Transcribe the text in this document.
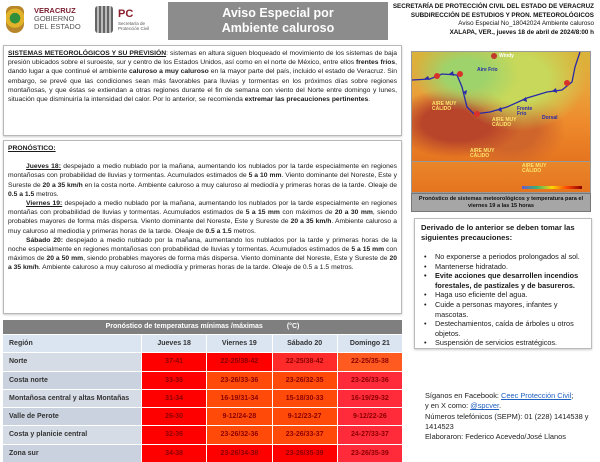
VERACRUZ
GOBIERNO
DEL ESTADO
PC
Secretaría de Protección Civil
Aviso Especial por
Ambiente caluroso
SECRETARÍA DE PROTECCIÓN CIVIL DEL ESTADO DE VERACRUZ
SUBDIRECCIÓN DE ESTUDIOS Y PRON. METEOROLÓGICOS
Aviso Especial No_18042024 Ambiente caluroso
XALAPA, VER., jueves 18 de abril de 2024/8:00 h
SISTEMAS METEOROLÓGICOS Y SU PREVISIÓN: sistemas en altura siguen bloqueado el movimiento de los sistemas de baja presión ubicados sobre el suroeste, sur y centro de los Estados Unidos, así como en el norte de México, entre ellos frentes fríos, dando lugar a que continué el ambiente caluroso a muy caluroso en la mayor parte del país, incluido el estado de Veracruz. Sin embargo, se prevé que las condiciones sean más favorables para lluvias y tormentas en los próximos días sobre regiones montañosas, y que éstas se extiendan a otras regiones durante el fin de semana con viento del Norte entre domingo y lunes, situación que disminuiría la intensidad del calor. Por lo anterior, se recomienda extremar las precauciones pertinentes.
PRONÓSTICO:

Jueves 18: despejado a medio nublado por la mañana, aumentando los nublados por la tarde especialmente en regiones montañosas con probabilidad de lluvias y tormentas. Acumulados estimados de 5 a 10 mm. Viento dominante del Noreste, Este y Sureste de 20 a 35 km/h en la costa norte. Ambiente caluroso a muy caluroso al mediodía y primeras horas de la tarde. Oleaje de 0.5 a 1.5 metros.

Viernes 19: despejado a medio nublado por la mañana, aumentando los nublados por la tarde especialmente en regiones montañas con probabilidad de lluvias y tormentas. Acumulados estimados de 5 a 15 mm con máximos de 20 a 30 mm, siendo probables mayores de forma más dispersa. Viento dominante del Noreste, Este y Sureste de 20 a 35 km/h. Ambiente caluroso a muy caluroso al mediodía y primeras horas de la tarde. Oleaje de 0.5 a 1.5 metros.

Sábado 20: despejado a medio nublado por la mañana, aumentando los nublados por la tarde y primeras horas de la noche especialmente en regiones montañosas con probabilidad de lluvias y tormentas. Acumulados estimados de 5 a 15 mm con máximos de 20 a 50 mm, siendo probables mayores de forma más dispersa. Viento dominante del Noreste, Este y Sureste de 20 a 35 km/h. Ambiente caluroso a muy caluroso al mediodía y primeras horas de la tarde. Oleaje de 0.5 a 1.5 metros.

Pronóstico de temperaturas mínimas /máximas	(°C)
Región	Jueves 18	Viernes 19	Sábado 20	Domingo 21
Norte	37-41	22-25/38-42	22-25/38-42	22-25/35-38
Costa norte	33-36	23-26/33-36	23-26/32-35	23-26/33-36
Montañosa central y altas Montañas	31-34	16-19/31-34	15-18/30-33	16-19/29-32
Valle de Perote	26-30	9-12/24-28	9-12/23-27	9-12/22-26
Costa y planicie central	32-36	23-26/32-36	23-26/33-37	24-27/33-37
Zona sur	34-38	23-26/34-38	23-26/35-39	23-26/35-39
Windy
Aire Frío
AIRE MUY CÁLIDO
AIRE MUY CÁLIDO
AIRE MUY CÁLIDO
Frente Frío
Dorsal
AIRE MUY CÁLIDO
Pronóstico de sistemas meteorológicos y temperatura para el viernes 19 a las 15 horas
Derivado de lo anterior se deben tomar las siguientes precauciones:
• No exponerse a periodos prolongados al sol.
• Mantenerse hidratado.
• Evite acciones que desarrollen incendios forestales, de pastizales y de basureros.
• Haga uso eficiente del agua.
• Cuide a personas mayores, infantes y mascotas.
• Destechamientos, caída de árboles u otros objetos.
• Suspensión de servicios estratégicos.
Síganos en Facebook: Ceec Protección Civil;
y en X como: @spcver.
Números telefónicos (SEPM): 01 (228) 1414538 y 1414523
Elaboraron: Federico Acevedo/José Llanos
